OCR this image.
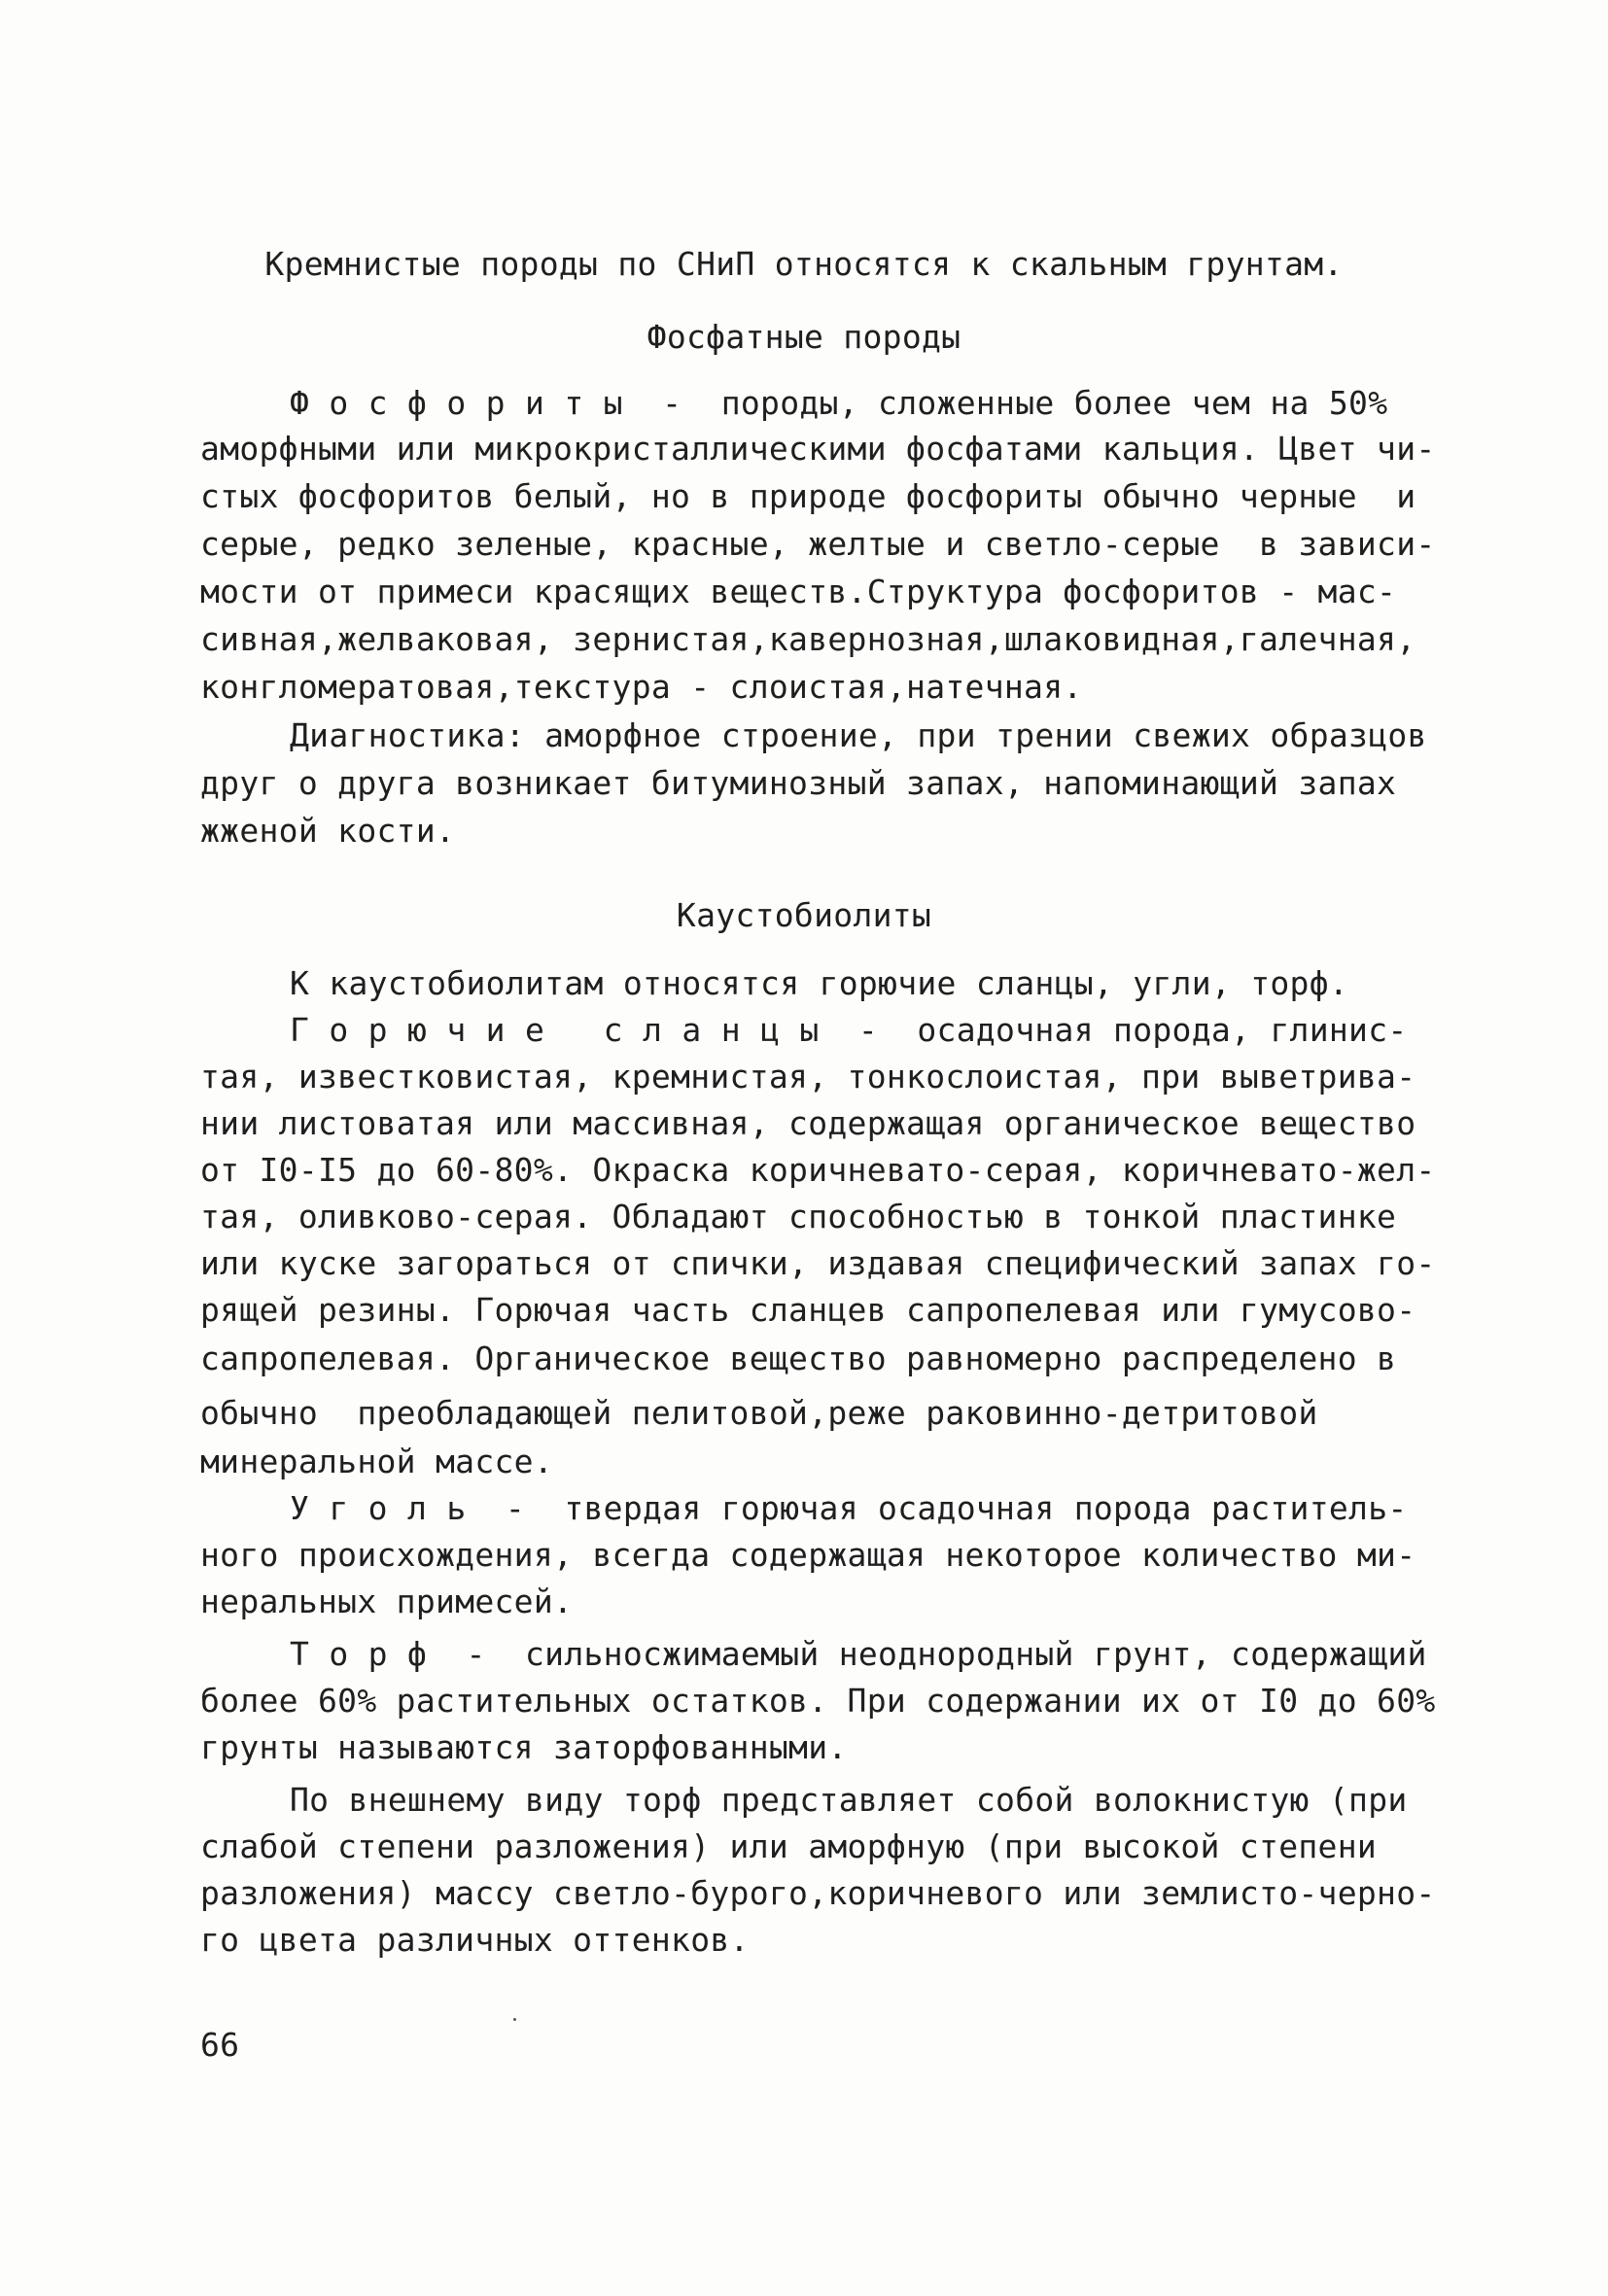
Кремнистые породы по СНиП относятся к скальным грунтам.
Фосфатные породы
Ф о с ф о р и т ы  -  породы, сложенные более чем на 50%
аморфными или микрокристаллическими фосфатами кальция. Цвет чи-
стых фосфоритов белый, но в природе фосфориты обычно черные  и
серые, редко зеленые, красные, желтые и светло-серые  в зависи-
мости от примеси красящих веществ.Структура фосфоритов - мас-
сивная,желваковая, зернистая,кавернозная,шлаковидная,галечная,
конгломератовая,текстура - слоистая,натечная.
Диагностика: аморфное строение, при трении свежих образцов
друг о друга возникает битуминозный запах, напоминающий запах
жженой кости.
Каустобиолиты
К каустобиолитам относятся горючие сланцы, угли, торф.
Г о р ю ч и е   с л а н ц ы  -  осадочная порода, глинис-
тая, известковистая, кремнистая, тонкослоистая, при выветрива-
нии листоватая или массивная, содержащая органическое вещество
от I0-I5 до 60-80%. Окраска коричневато-серая, коричневато-жел-
тая, оливково-серая. Обладают способностью в тонкой пластинке
или куске загораться от спички, издавая специфический запах го-
рящей резины. Горючая часть сланцев сапропелевая или гумусово-
сапропелевая. Органическое вещество равномерно распределено в
обычно  преобладающей пелитовой,реже раковинно-детритовой
минеральной массе.
У г о л ь  -  твердая горючая осадочная порода раститель-
ного происхождения, всегда содержащая некоторое количество ми-
неральных примесей.
Т о р ф  -  сильносжимаемый неоднородный грунт, содержащий
более 60% растительных остатков. При содержании их от I0 до 60%
грунты называются заторфованными.
По внешнему виду торф представляет собой волокнистую (при
слабой степени разложения) или аморфную (при высокой степени
разложения) массу светло-бурого,коричневого или землисто-черно-
го цвета различных оттенков.
66
